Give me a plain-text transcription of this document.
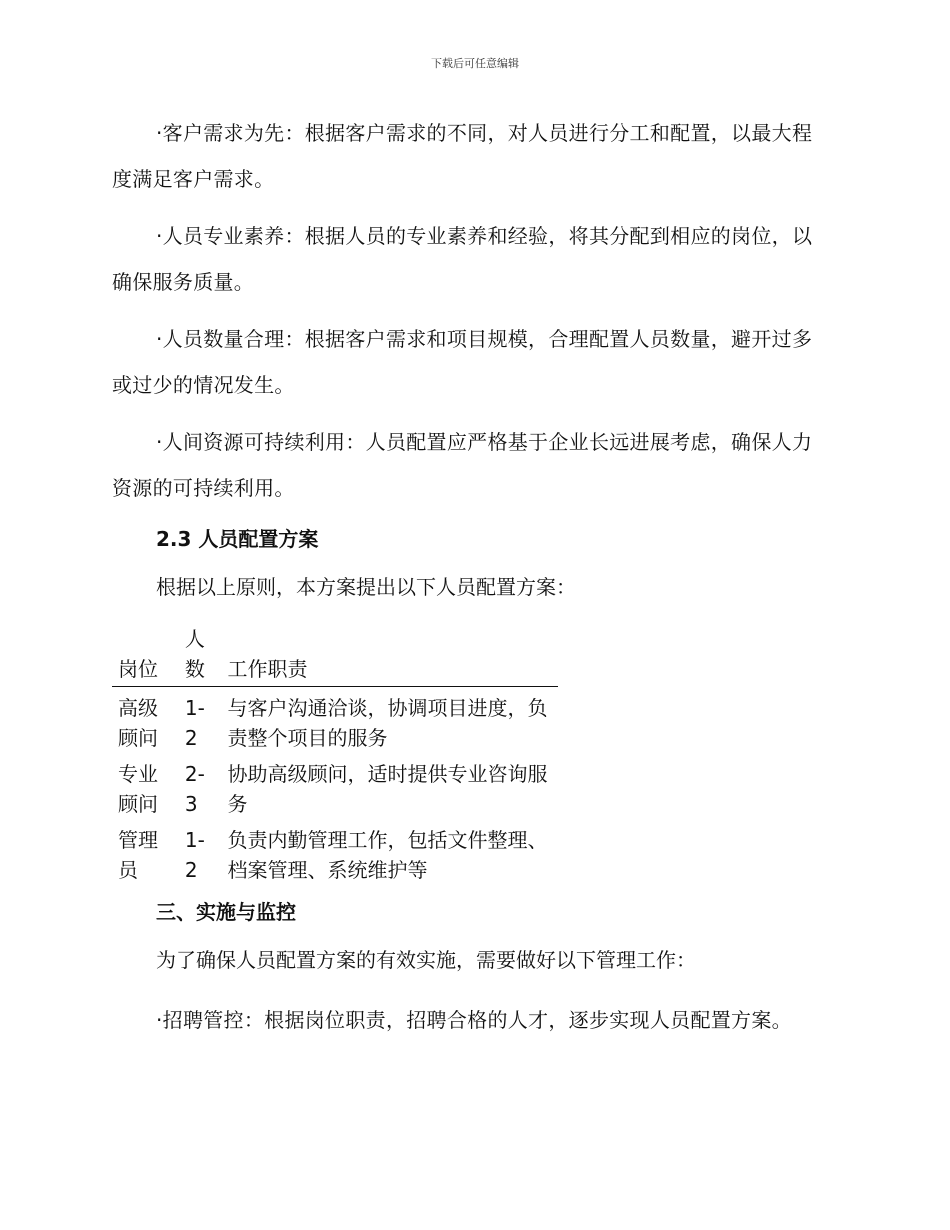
下载后可任意编辑

·客户需求为先：根据客户需求的不同，对人员进行分工和配置，以最大程度满足客户需求。

·人员专业素养：根据人员的专业素养和经验，将其分配到相应的岗位，以确保服务质量。

·人员数量合理：根据客户需求和项目规模，合理配置人员数量，避开过多或过少的情况发生。

·人间资源可持续利用：人员配置应严格基于企业长远进展考虑，确保人力资源的可持续利用。

2.3 人员配置方案
根据以上原则，本方案提出以下人员配置方案：
岗位	人数	工作职责
高级顾问	1-2	与客户沟通洽谈，协调项目进度，负责整个项目的服务
专业顾问	2-3	协助高级顾问，适时提供专业咨询服务
管理员	1-2	负责内勤管理工作，包括文件整理、档案管理、系统维护等
三、实施与监控
为了确保人员配置方案的有效实施，需要做好以下管理工作：

·招聘管控：根据岗位职责，招聘合格的人才，逐步实现人员配置方案。
